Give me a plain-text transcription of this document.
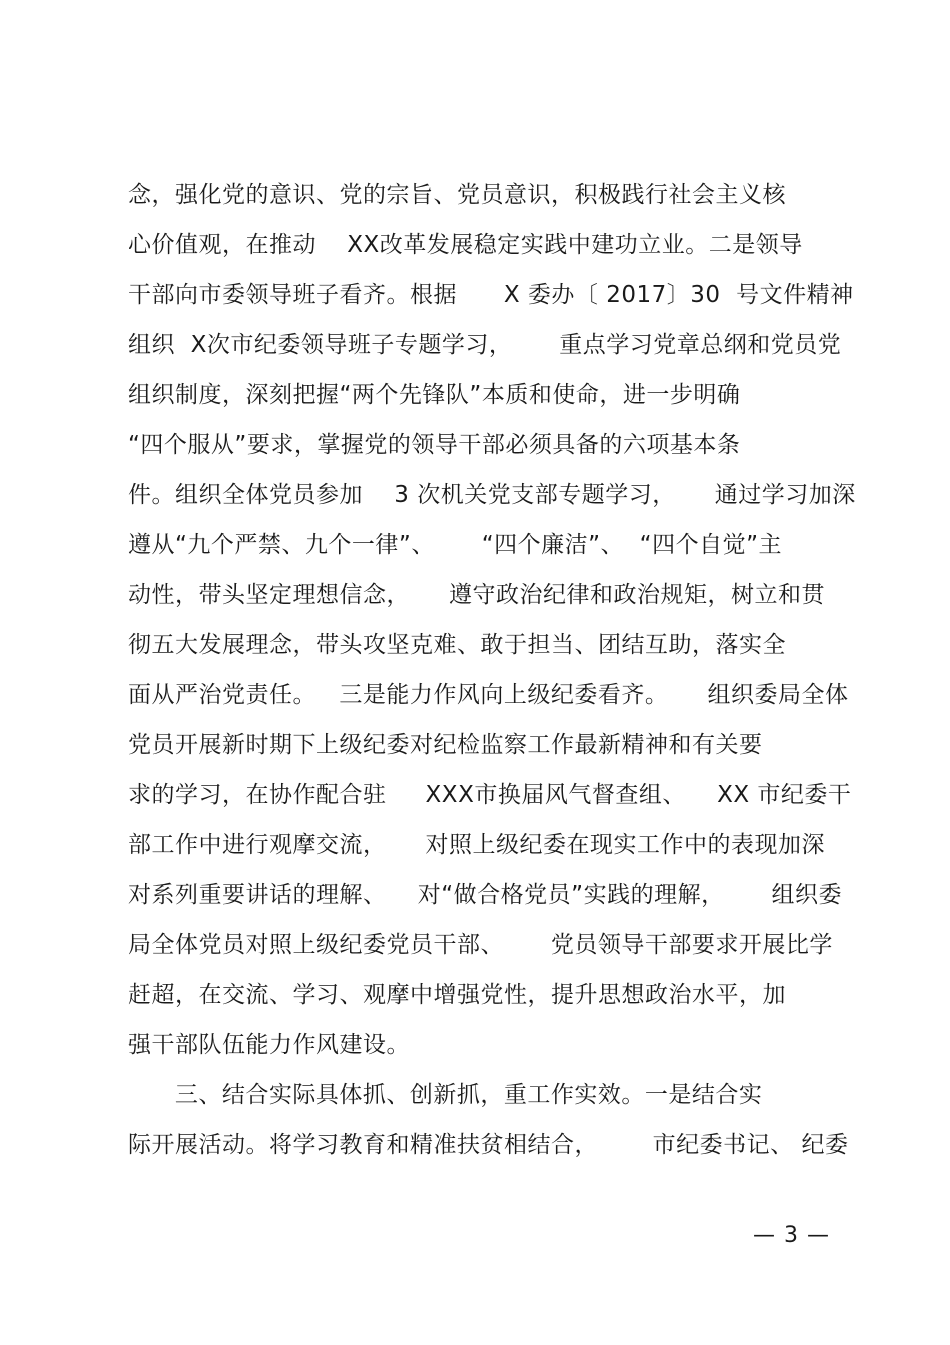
念，强化党的意识、党的宗旨、党员意识，积极践行社会主义核
心价值观，在推动    XX改革发展稳定实践中建功立业。二是领导
干部向市委领导班子看齐。根据      X 委办〔 2017〕30  号文件精神
组织  X次市纪委领导班子专题学习，      重点学习党章总纲和党员党
组织制度，深刻把握“两个先锋队”本质和使命，进一步明确
“四个服从”要求，掌握党的领导干部必须具备的六项基本条
件。组织全体党员参加    3 次机关党支部专题学习，     通过学习加深
遵从“九个严禁、九个一律”、      “四个廉洁”、  “四个自觉”主
动性，带头坚定理想信念，     遵守政治纪律和政治规矩，树立和贯
彻五大发展理念，带头攻坚克难、敢于担当、团结互助，落实全
面从严治党责任。   三是能力作风向上级纪委看齐。     组织委局全体
党员开展新时期下上级纪委对纪检监察工作最新精神和有关要
求的学习，在协作配合驻     XXX市换届风气督查组、    XX 市纪委干
部工作中进行观摩交流，     对照上级纪委在现实工作中的表现加深
对系列重要讲话的理解、    对“做合格党员”实践的理解，      组织委
局全体党员对照上级纪委党员干部、      党员领导干部要求开展比学
赶超，在交流、学习、观摩中增强党性，提升思想政治水平，加
强干部队伍能力作风建设。
三、结合实际具体抓、创新抓，重工作实效。一是结合实
际开展活动。将学习教育和精准扶贫相结合，       市纪委书记、 纪委
— 3 —
